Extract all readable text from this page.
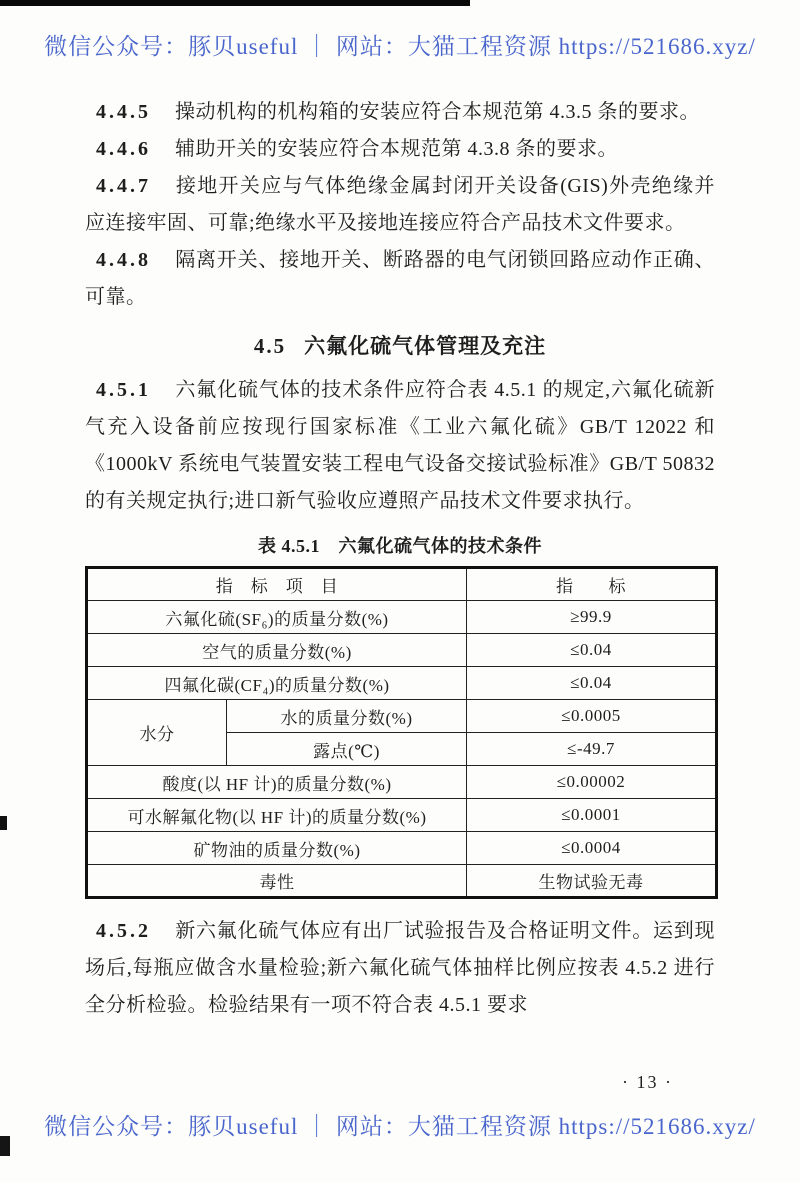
微信公众号：豚贝useful ｜ 网站：大猫工程资源 https://521686.xyz/

4.4.5 操动机构的机构箱的安装应符合本规范第 4.3.5 条的要求。

4.4.6 辅助开关的安装应符合本规范第 4.3.8 条的要求。

4.4.7 接地开关应与气体绝缘金属封闭开关设备(GIS)外壳绝缘并应连接牢固、可靠;绝缘水平及接地连接应符合产品技术文件要求。

4.4.8 隔离开关、接地开关、断路器的电气闭锁回路应动作正确、可靠。

4.5 六氟化硫气体管理及充注

4.5.1 六氟化硫气体的技术条件应符合表 4.5.1 的规定,六氟化硫新气充入设备前应按现行国家标准《工业六氟化硫》GB/T 12022 和《1000kV 系统电气装置安装工程电气设备交接试验标准》GB/T 50832的有关规定执行;进口新气验收应遵照产品技术文件要求执行。

表 4.5.1　六氟化硫气体的技术条件
指　标　项　目		指　　标
六氟化硫(SF₆)的质量分数(%)		≥99.9
空气的质量分数(%)		≤0.04
四氟化碳(CF₄)的质量分数(%)		≤0.04
水分	水的质量分数(%)	≤0.0005
	露点(℃)	≤-49.7
酸度(以 HF 计)的质量分数(%)		≤0.00002
可水解氟化物(以 HF 计)的质量分数(%)		≤0.0001
矿物油的质量分数(%)		≤0.0004
毒性		生物试验无毒

4.5.2 新六氟化硫气体应有出厂试验报告及合格证明文件。运到现场后,每瓶应做含水量检验;新六氟化硫气体抽样比例应按表 4.5.2 进行全分析检验。检验结果有一项不符合表 4.5.1 要求

· 13 ·
微信公众号：豚贝useful ｜ 网站：大猫工程资源 https://521686.xyz/
